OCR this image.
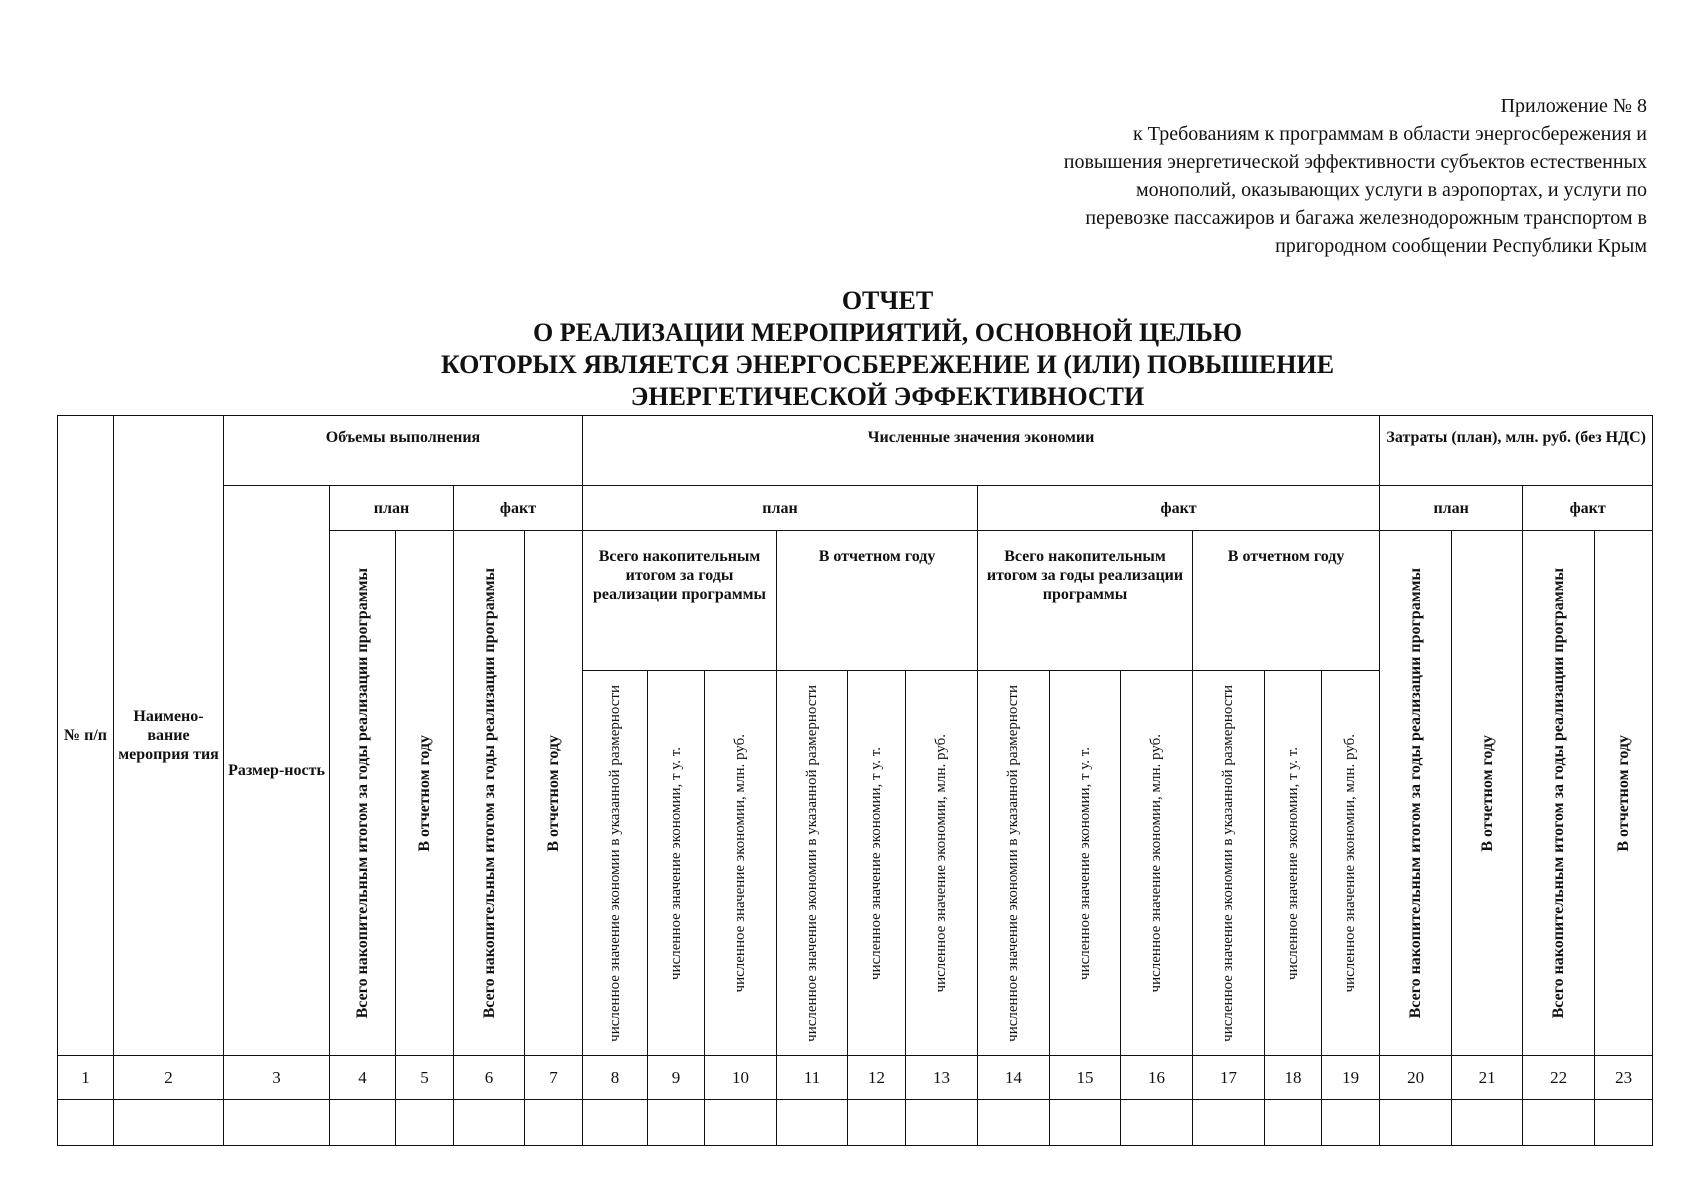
Приложение № 8
к Требованиям к программам в области энергосбережения и
повышения энергетической эффективности субъектов естественных
монополий, оказывающих услуги в аэропортах, и услуги по
перевозке пассажиров и багажа железнодорожным транспортом в
пригородном сообщении Республики Крым
ОТЧЕТ
О РЕАЛИЗАЦИИ МЕРОПРИЯТИЙ, ОСНОВНОЙ ЦЕЛЬЮ
КОТОРЫХ ЯВЛЯЕТСЯ ЭНЕРГОСБЕРЕЖЕНИЕ И (ИЛИ) ПОВЫШЕНИЕ
ЭНЕРГЕТИЧЕСКОЙ ЭФФЕКТИВНОСТИ
№ п/п	Наимено-вание мероприя тия	Объемы выполнения					Численные значения экономии												Затраты (план), млн. руб. (без НДС)			
		Размер-ность	план		факт		план						факт						план		факт	

			Всего накопительным итогом за годы реализации программы	В отчетном году	Всего накопительным итогом за годы реализации программы	В отчетном году	Всего накопительным итогом за годы реализации программы			В отчетном году			Всего накопительным итогом за годы реализации программы			В отчетном году			Всего накопительным итогом за годы реализации программы	В отчетном году	Всего накопительным итогом за годы реализации программы	В отчетном году

							численное значение экономии в указанной размерности	численное значение экономии, т у. т.	численное значение экономии, млн. руб.	численное значение экономии в указанной размерности	численное значение экономии, т у. т.	численное значение экономии, млн. руб.	численное значение экономии в указанной размерности	численное значение экономии, т у. т.	численное значение экономии, млн. руб.	численное значение экономии в указанной размерности	численное значение экономии, т у. т.	численное значение экономии, млн. руб.				

1	2	3	4	5	6	7	8	9	10	11	12	13	14	15	16	17	18	19	20	21	22	23
